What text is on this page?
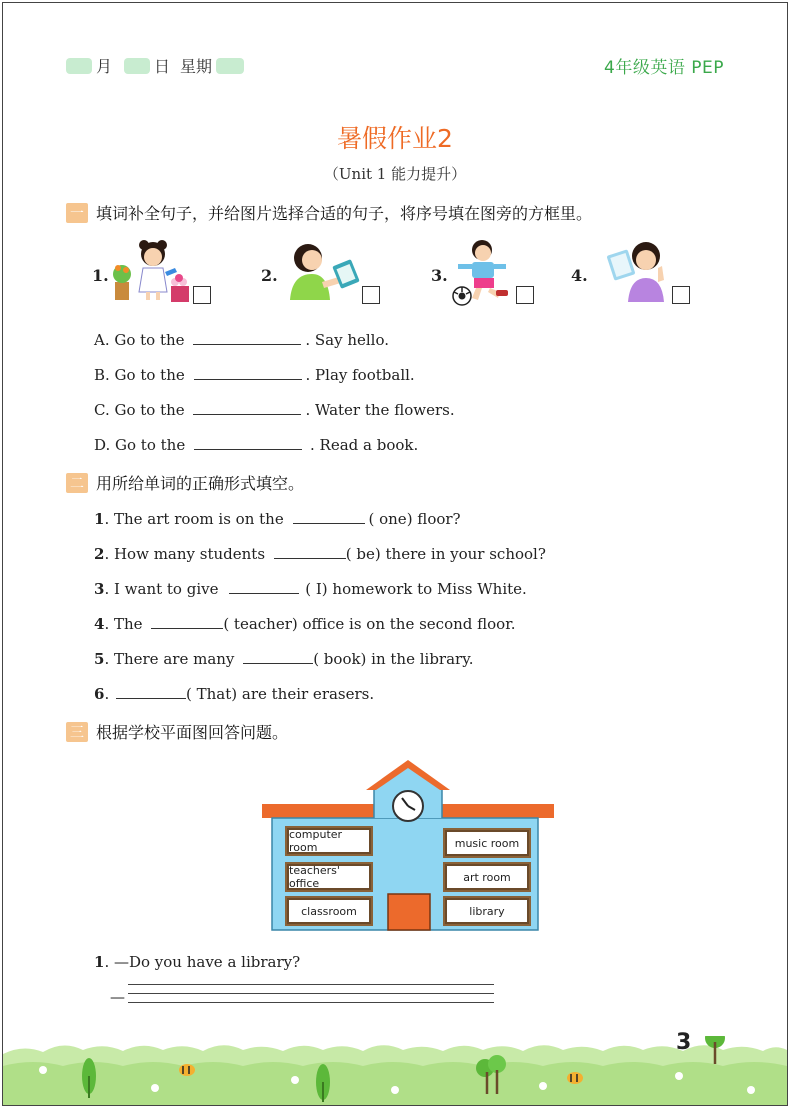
月	日 星期	4年级英语 PEP
暑假作业2
（Unit 1 能力提升）
一 填词补全句子，并给图片选择合适的句子，将序号填在图旁的方框里。
1.	2.	3.	4.
A. Go to the	. Say hello.
B. Go to the	. Play football.
C. Go to the	. Water the flowers.
D. Go to the	. Read a book.
二 用所给单词的正确形式填空。
1. The art room is on the	( one) floor?
2. How many students	( be) there in your school?
3. I want to give	( I) homework to Miss White.
4. The	( teacher) office is on the second floor.
5. There are many	( book) in the library.
6.	( That) are their erasers.
三 根据学校平面图回答问题。
computer room	music room
teachers' office	art room
classroom	library
1. —Do you have a library?
—
3
